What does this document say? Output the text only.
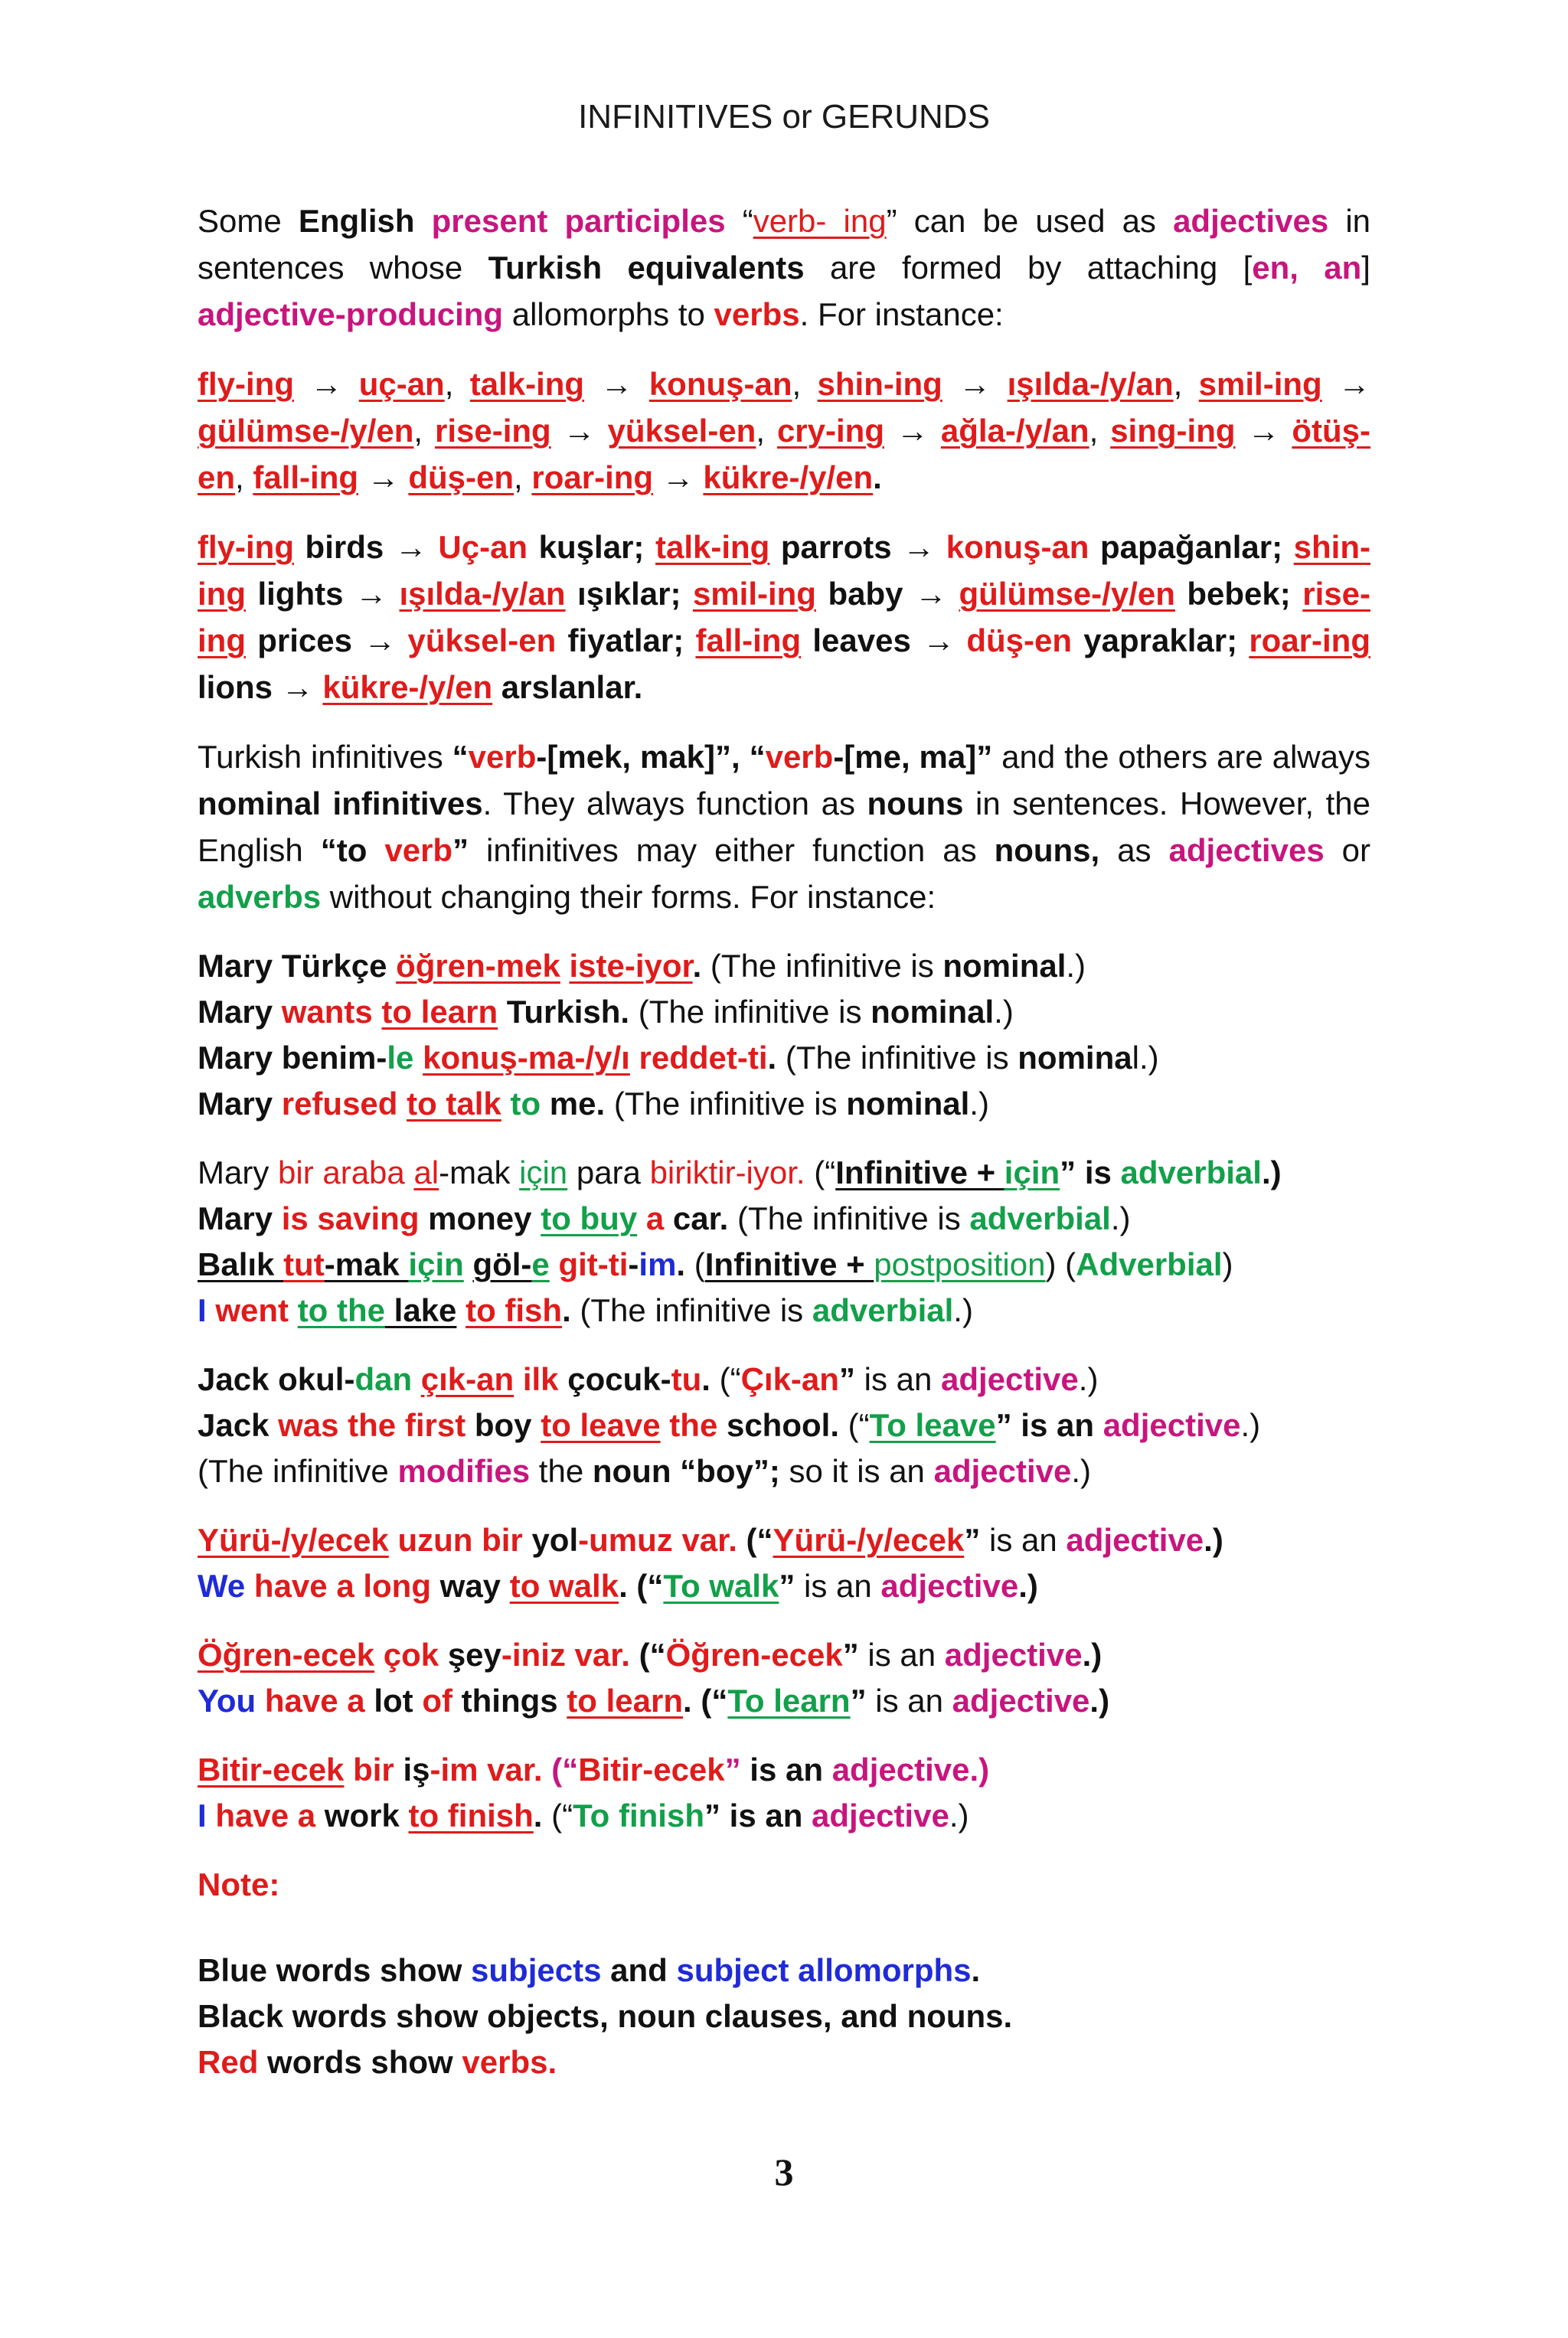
INFINITIVES or GERUNDS
Some English present participles “verb- ing” can be used as adjectives in sentences whose Turkish equivalents are formed by attaching [en, an] adjective-producing allomorphs to verbs. For instance:
fly-ing → uç-an, talk-ing → konuş-an, shin-ing → ışılda-/y/an, smil-ing → gülümse-/y/en, rise-ing → yüksel-en, cry-ing → ağla-/y/an, sing-ing → ötüş-en, fall-ing → düş-en, roar-ing → kükre-/y/en.
fly-ing birds → Uç-an kuşlar; talk-ing parrots → konuş-an papağanlar; shin-ing lights → ışılda-/y/an ışıklar; smil-ing baby → gülümse-/y/en bebek; rise-ing prices → yüksel-en fiyatlar; fall-ing leaves → düş-en yapraklar; roar-ing lions → kükre-/y/en arslanlar.
Turkish infinitives “verb-[mek, mak]”, “verb-[me, ma]” and the others are always nominal infinitives. They always function as nouns in sentences. However, the English “to verb” infinitives may either function as nouns, as adjectives or adverbs without changing their forms. For instance:
Mary Türkçe öğren-mek iste-iyor. (The infinitive is nominal.)
Mary wants to learn Turkish. (The infinitive is nominal.)
Mary benim-le konuş-ma-/y/ı reddet-ti. (The infinitive is nominal.)
Mary refused to talk to me. (The infinitive is nominal.)
Mary bir araba al-mak için para biriktir-iyor. (“Infinitive + için” is adverbial.)
Mary is saving money to buy a car. (The infinitive is adverbial.)
Balık tut-mak için göl-e git-ti-im. (Infinitive + postposition) (Adverbial)
I went to the lake to fish. (The infinitive is adverbial.)
Jack okul-dan çık-an ilk çocuk-tu. (“Çık-an” is an adjective.)
Jack was the first boy to leave the school. (“To leave” is an adjective.)
(The infinitive modifies the noun “boy”; so it is an adjective.)
Yürü-/y/ecek uzun bir yol-umuz var. (“Yürü-/y/ecek” is an adjective.)
We have a long way to walk. (“To walk” is an adjective.)
Öğren-ecek çok şey-iniz var. (“Öğren-ecek” is an adjective.)
You have a lot of things to learn. (“To learn” is an adjective.)
Bitir-ecek bir iş-im var. (“Bitir-ecek” is an adjective.)
I have a work to finish. (“To finish” is an adjective.)
Note:
Blue words show subjects and subject allomorphs.
Black words show objects, noun clauses, and nouns.
Red words show verbs.
3
